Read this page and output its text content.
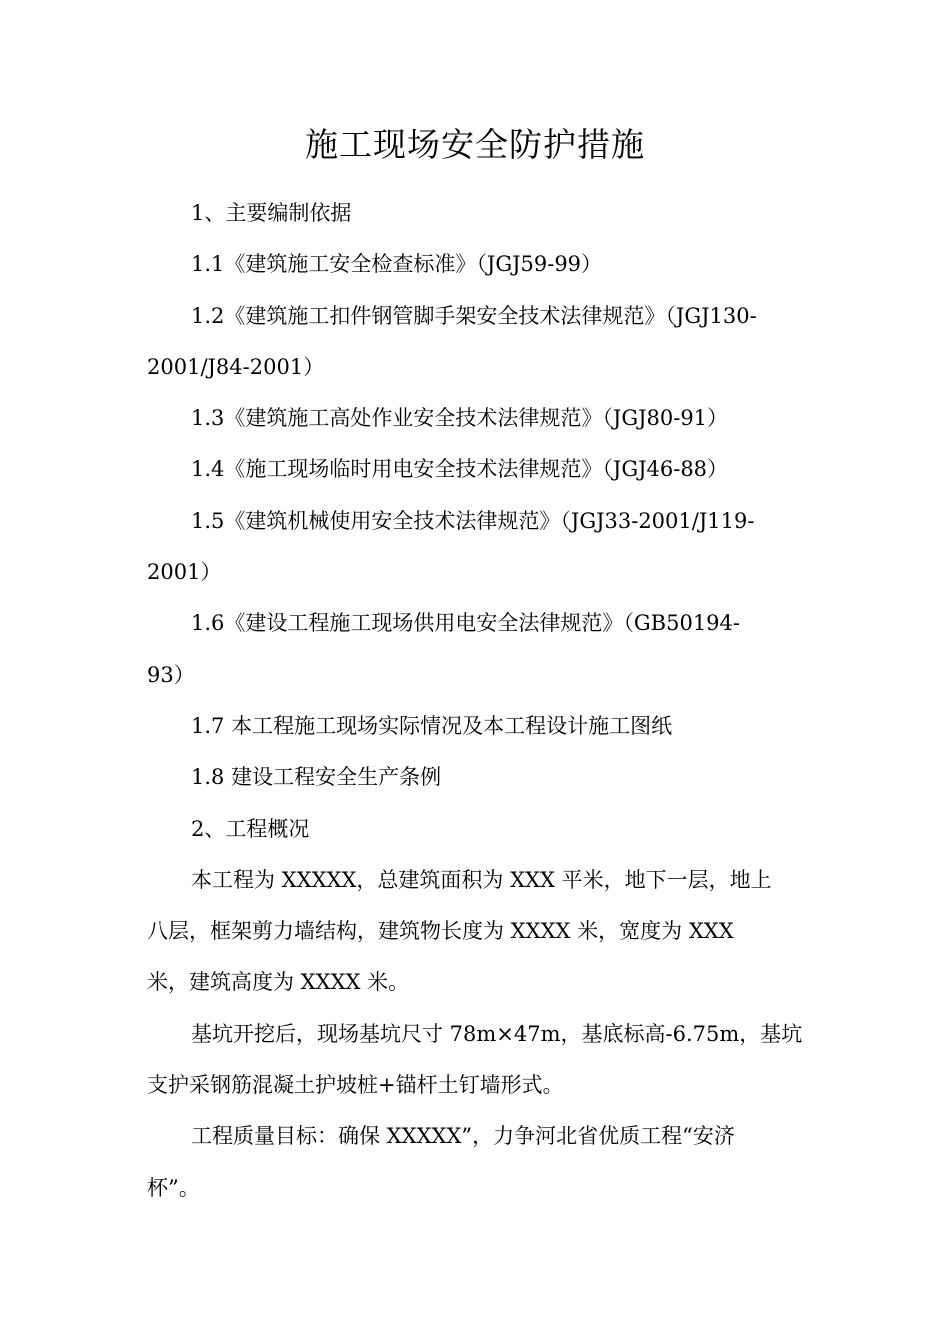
施工现场安全防护措施

1、主要编制依据

1.1《建筑施工安全检查标准》（JGJ59-99）

1.2《建筑施工扣件钢管脚手架安全技术法律规范》（JGJ130-
2001/J84-2001）

1.3《建筑施工高处作业安全技术法律规范》（JGJ80-91）

1.4《施工现场临时用电安全技术法律规范》（JGJ46-88）

1.5《建筑机械使用安全技术法律规范》（JGJ33-2001/J119-
2001）

1.6《建设工程施工现场供用电安全法律规范》（GB50194-
93）

1.7 本工程施工现场实际情况及本工程设计施工图纸

1.8 建设工程安全生产条例

2、工程概况

本工程为 XXXXX，总建筑面积为 XXX 平米，地下一层，地上
八层，框架剪力墙结构，建筑物长度为 XXXX 米，宽度为 XXX
米，建筑高度为 XXXX 米。

基坑开挖后，现场基坑尺寸 78m×47m，基底标高-6.75m，基坑
支护采钢筋混凝土护坡桩+锚杆土钉墙形式。

工程质量目标：确保 XXXXX”，力争河北省优质工程“安济
杯”。
